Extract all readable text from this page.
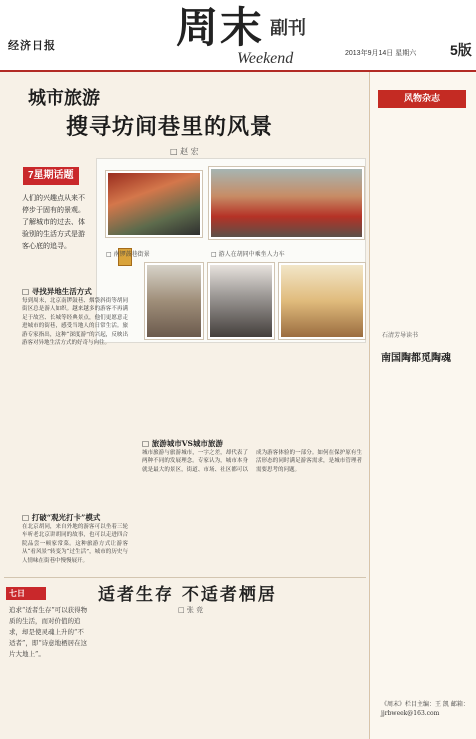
经济日报	周末 副刊
Weekend	2013年9月14日 星期六 5版
城市旅游
搜寻坊间巷里的风景
□ 赵 宏
□ 游人在胡同中乘坐人力车
□ 南锣鼓巷街景
7星期话题
人们的兴趣点从来不停步于固有的景观。了解城市的过去、体验别的生活方式是游客心底的追寻。
□ 寻找异地生活方式
每到周末，北京南锣鼓巷、烟袋斜街等胡同街区总是游人如织。越来越多的游客不再满足于故宫、长城等经典景点，他们更愿意走进城市的街巷，感受当地人的日常生活。旅游专家指出，这种“深度游”的兴起，反映出游客对异地生活方式的好奇与向往。
□ 打破“观光打卡”模式
在北京胡同，来自外地的游客可以坐着三轮车听老北京讲胡同的故事，也可以走进四合院品尝一顿家常菜。这种旅游方式让游客从“看风景”转变为“过生活”，城市的历史与人情味在街巷中慢慢展开。
□ 旅游城市VS城市旅游
城市旅游与旅游城市，一字之差，却代表了两种不同的发展理念。专家认为，城市本身就是最大的景区，街道、市场、社区都可以成为游客体验的一部分。如何在保护原有生活形态的同时满足游客需求，是城市管理者需要思考的问题。
七日	适者生存 不适者栖居
□ 张 竞
追求“适者生存”可以获得物质的生活，而对价值的追求，却是使灵魂上升的“不适者”，即“诗意地栖居在这片大地上”。
风物杂志
石清芳导读书
南国陶都觅陶魂
《周末》栏目主编：王 凯 邮箱：jjrbweek@163.com
